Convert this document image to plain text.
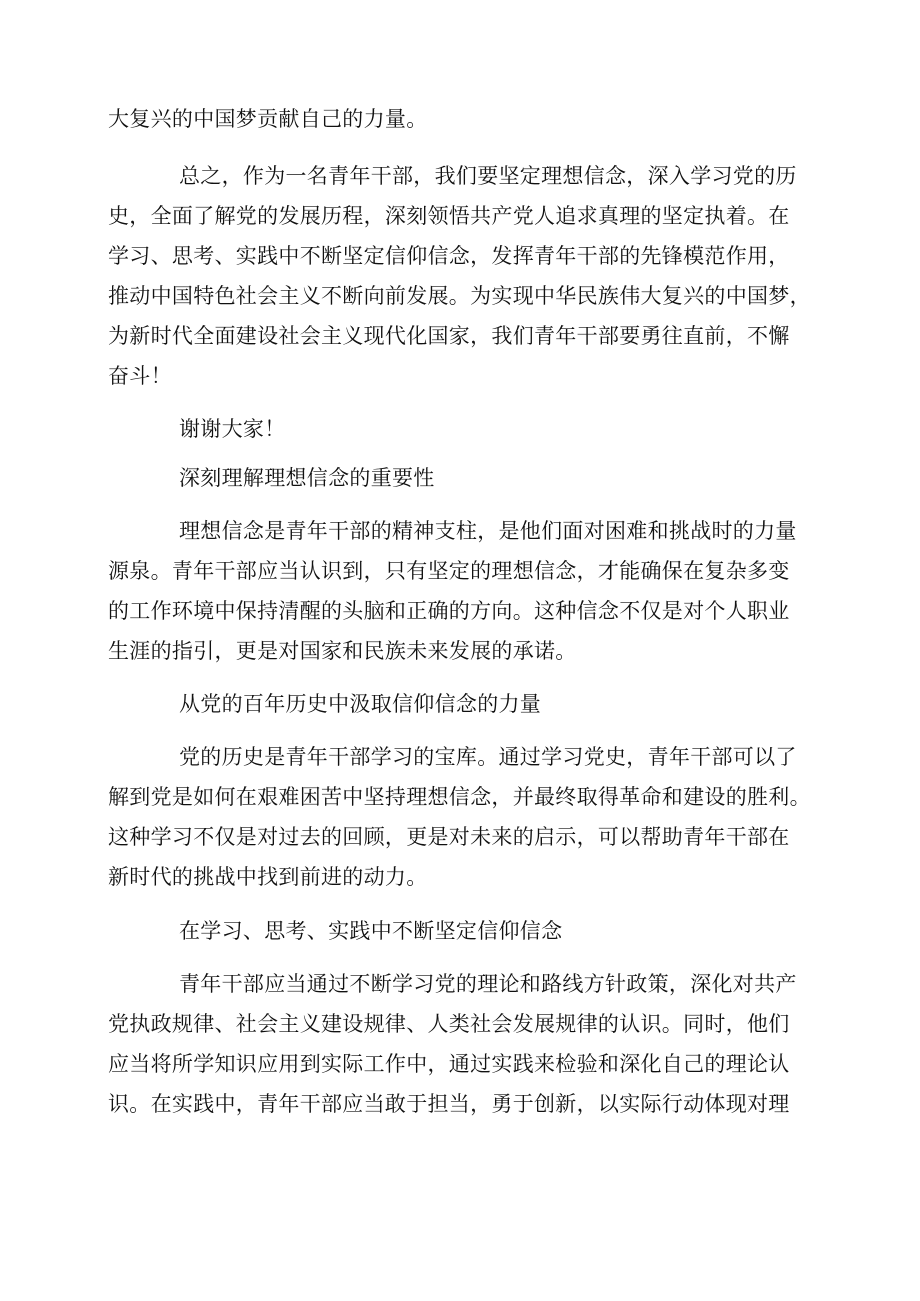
大复兴的中国梦贡献自己的力量。
总之，作为一名青年干部，我们要坚定理想信念，深入学习党的历
史，全面了解党的发展历程，深刻领悟共产党人追求真理的坚定执着。在
学习、思考、实践中不断坚定信仰信念，发挥青年干部的先锋模范作用，
推动中国特色社会主义不断向前发展。为实现中华民族伟大复兴的中国梦，
为新时代全面建设社会主义现代化国家，我们青年干部要勇往直前，不懈
奋斗！
谢谢大家！
深刻理解理想信念的重要性
理想信念是青年干部的精神支柱，是他们面对困难和挑战时的力量
源泉。青年干部应当认识到，只有坚定的理想信念，才能确保在复杂多变
的工作环境中保持清醒的头脑和正确的方向。这种信念不仅是对个人职业
生涯的指引，更是对国家和民族未来发展的承诺。
从党的百年历史中汲取信仰信念的力量
党的历史是青年干部学习的宝库。通过学习党史，青年干部可以了
解到党是如何在艰难困苦中坚持理想信念，并最终取得革命和建设的胜利。
这种学习不仅是对过去的回顾，更是对未来的启示，可以帮助青年干部在
新时代的挑战中找到前进的动力。
在学习、思考、实践中不断坚定信仰信念
青年干部应当通过不断学习党的理论和路线方针政策，深化对共产
党执政规律、社会主义建设规律、人类社会发展规律的认识。同时，他们
应当将所学知识应用到实际工作中，通过实践来检验和深化自己的理论认
识。在实践中，青年干部应当敢于担当，勇于创新，以实际行动体现对理
